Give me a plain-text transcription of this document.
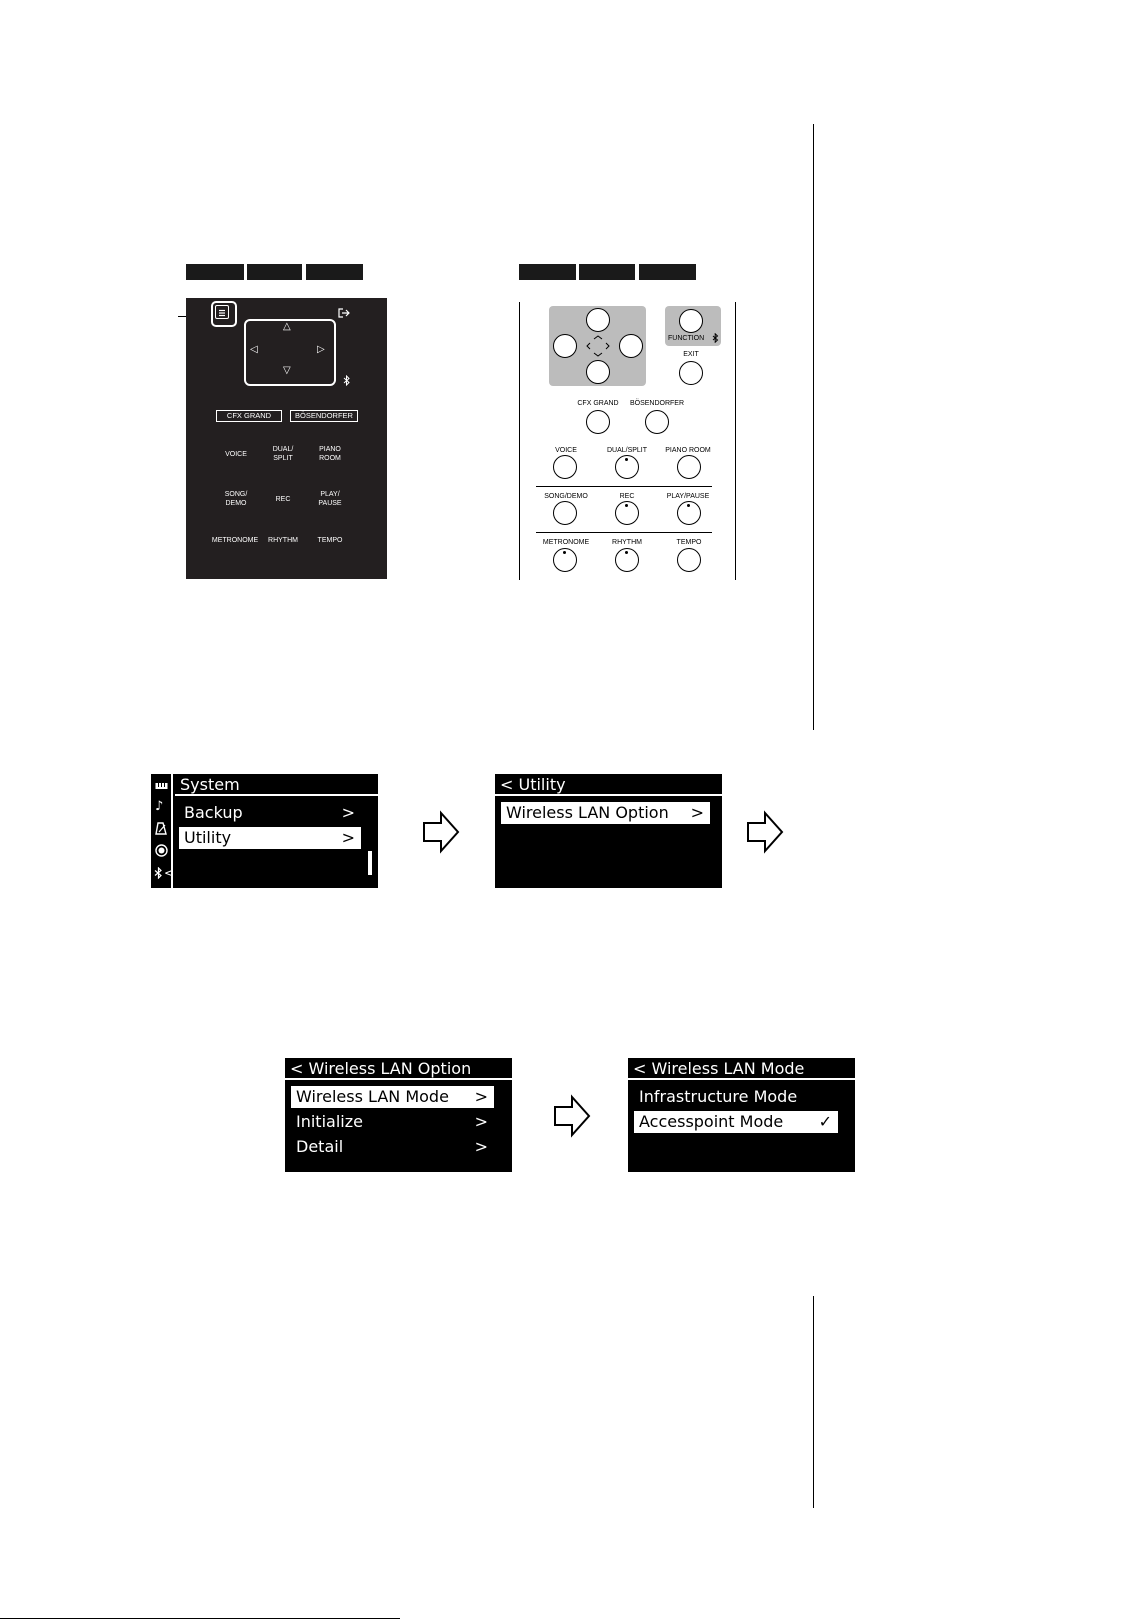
△
▽
◁	▷
CFX GRAND	BÖSENDORFER
VOICE
DUAL/
SPLIT
PIANO
ROOM
SONG/
DEMO
REC
PLAY/
PAUSE
METRONOME	RHYTHM	TEMPO
FUNCTION
EXIT
CFX GRAND	BÖSENDORFER
VOICE	DUAL/SPLIT	PIANO ROOM
SONG/DEMO	REC	PLAY/PAUSE
METRONOME	RHYTHM	TEMPO
♪
<
System
Backup	>
Utility	>
< Utility
Wireless LAN Option >
< Wireless LAN Option
Wireless LAN Mode >
Initialize	>
Detail	>
< Wireless LAN Mode
Infrastructure Mode
Accesspoint Mode ✓
